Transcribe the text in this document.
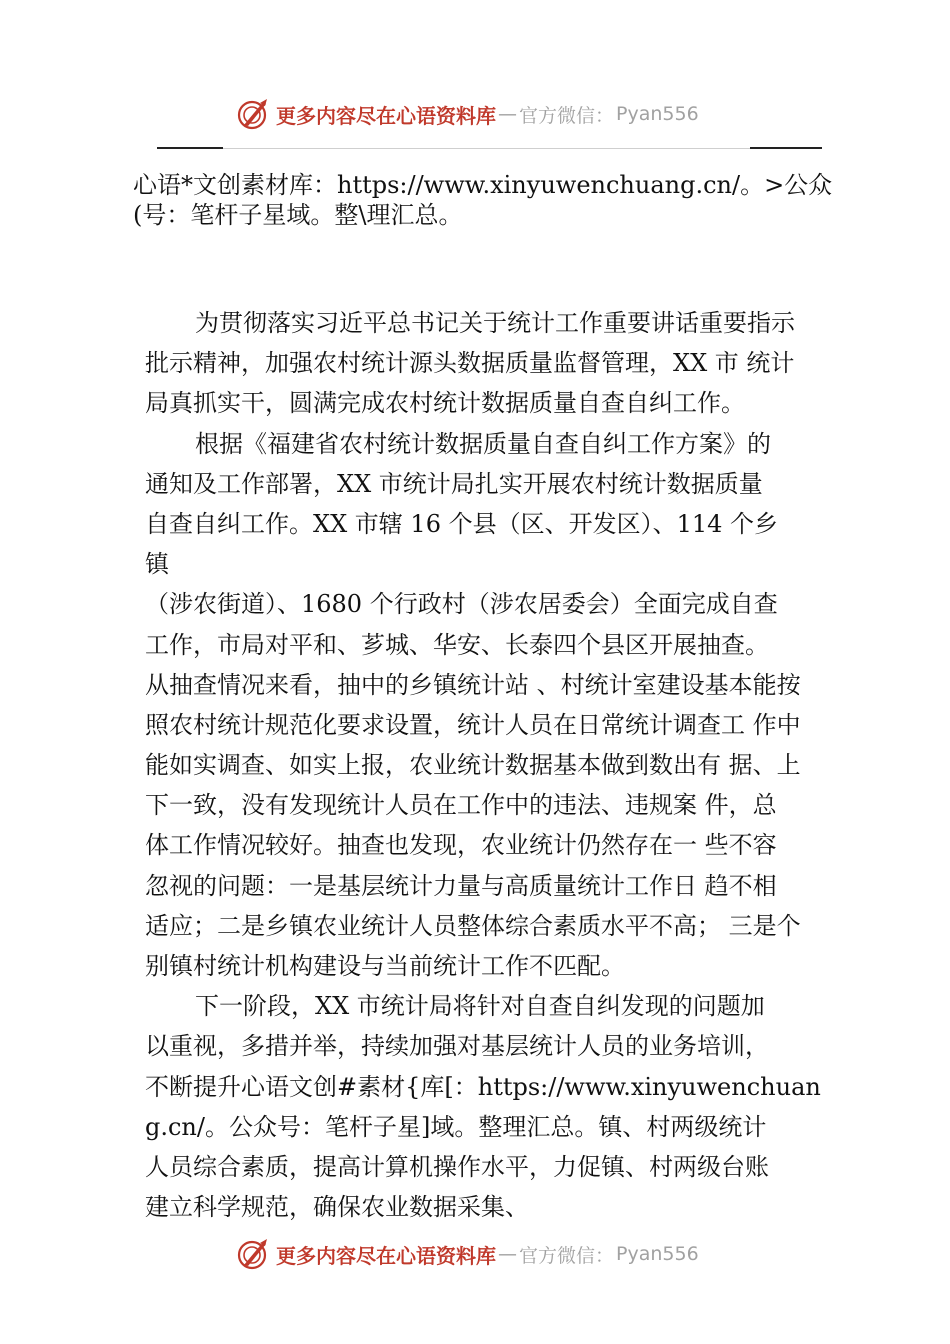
更多内容尽在心语资料库 — 官方微信： Pyan556
心语*文创素材库：https://www.xinyuwenchuang.cn/。>公众
(号：笔杆子星域。整\理汇总。
为贯彻落实习近平总书记关于统计工作重要讲话重要指示
批示精神，加强农村统计源头数据质量监督管理，XX 市 统计
局真抓实干，圆满完成农村统计数据质量自查自纠工作。
根据《福建省农村统计数据质量自查自纠工作方案》的
通知及工作部署，XX 市统计局扎实开展农村统计数据质量
自查自纠工作。XX 市辖 16 个县（区、开发区）、114 个乡
镇
（涉农街道）、1680 个行政村（涉农居委会）全面完成自查
工作，市局对平和、芗城、华安、长泰四个县区开展抽查。
从抽查情况来看，抽中的乡镇统计站 、村统计室建设基本能按
照农村统计规范化要求设置，统计人员在日常统计调查工 作中
能如实调查、如实上报，农业统计数据基本做到数出有 据、上
下一致，没有发现统计人员在工作中的违法、违规案 件，总
体工作情况较好。抽查也发现，农业统计仍然存在一 些不容
忽视的问题：一是基层统计力量与高质量统计工作日 趋不相
适应；二是乡镇农业统计人员整体综合素质水平不高； 三是个
别镇村统计机构建设与当前统计工作不匹配。
下一阶段，XX 市统计局将针对自查自纠发现的问题加
以重视，多措并举，持续加强对基层统计人员的业务培训，
不断提升心语文创#素材{库[：https://www.xinyuwenchuan
g.cn/。公众号：笔杆子星]域。整理汇总。镇、村两级统计
人员综合素质，提高计算机操作水平，力促镇、村两级台账
建立科学规范，确保农业数据采集、
更多内容尽在心语资料库 — 官方微信： Pyan556
